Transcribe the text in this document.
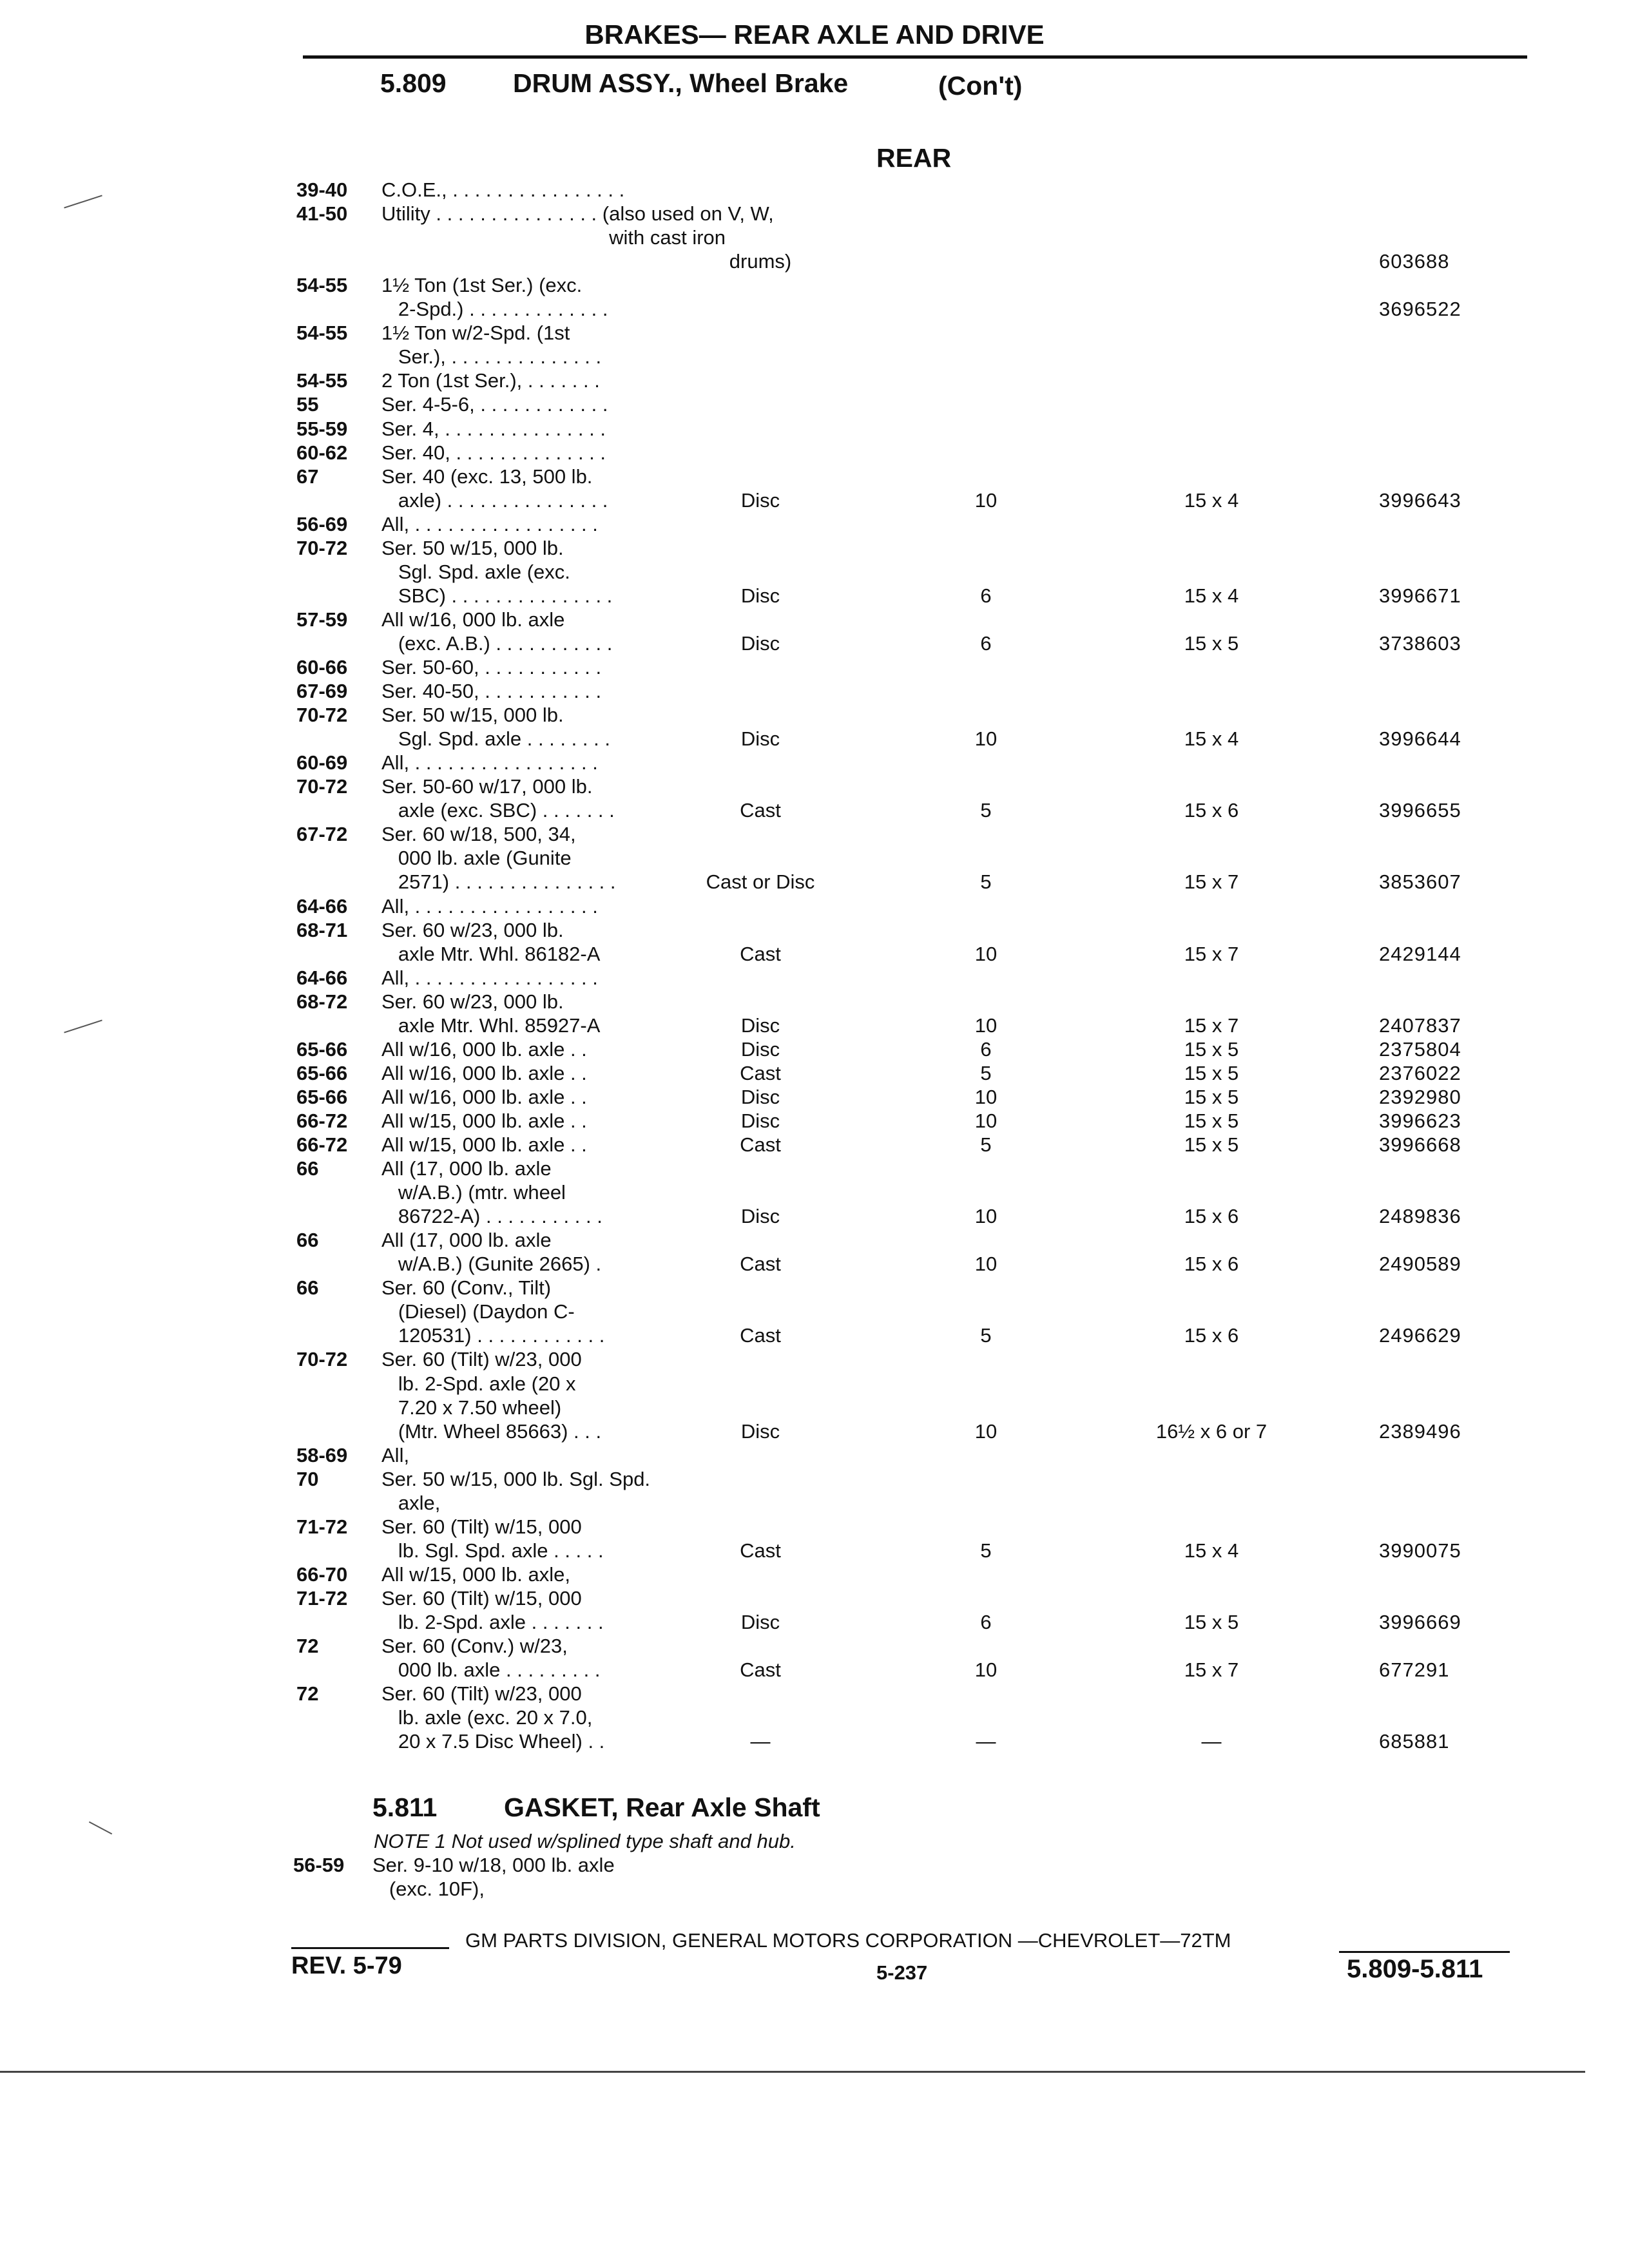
BRAKES— REAR AXLE AND DRIVE
5.809	DRUM ASSY., Wheel Brake	(Con't)
REAR
39-40 C.O.E., . . . . . . . . . . . . . . . .
41-50 Utility . . . . . . . . . . . . . . . (also used on V, W,
with cast iron
drums)	603688
54-55 1½ Ton (1st Ser.) (exc.
2-Spd.) . . . . . . . . . . . . .	3696522
54-55 1½ Ton w/2-Spd. (1st
Ser.), . . . . . . . . . . . . . .
54-55 2 Ton (1st Ser.), . . . . . . .
55	Ser. 4-5-6, . . . . . . . . . . . .
55-59 Ser. 4, . . . . . . . . . . . . . . .
60-62 Ser. 40, . . . . . . . . . . . . . .
67	Ser. 40 (exc. 13, 500 lb.
axle) . . . . . . . . . . . . . . .	Disc	10	15 x 4	3996643
56-69 All, . . . . . . . . . . . . . . . . .
70-72 Ser. 50 w/15, 000 lb.
Sgl. Spd. axle (exc.
SBC) . . . . . . . . . . . . . . .	Disc	6	15 x 4	3996671
57-59 All w/16, 000 lb. axle
(exc. A.B.) . . . . . . . . . . .	Disc	6	15 x 5	3738603
60-66 Ser. 50-60, . . . . . . . . . . .
67-69 Ser. 40-50, . . . . . . . . . . .
70-72 Ser. 50 w/15, 000 lb.
Sgl. Spd. axle . . . . . . . .	Disc	10	15 x 4	3996644
60-69 All, . . . . . . . . . . . . . . . . .
70-72 Ser. 50-60 w/17, 000 lb.
axle (exc. SBC) . . . . . . .	Cast	5	15 x 6	3996655
67-72 Ser. 60 w/18, 500, 34,
000 lb. axle (Gunite
2571) . . . . . . . . . . . . . . .	Cast or Disc	5	15 x 7	3853607
64-66 All, . . . . . . . . . . . . . . . . .
68-71 Ser. 60 w/23, 000 lb.
axle Mtr. Whl. 86182-A	Cast	10	15 x 7	2429144
64-66 All, . . . . . . . . . . . . . . . . .
68-72 Ser. 60 w/23, 000 lb.
axle Mtr. Whl. 85927-A	Disc	10	15 x 7	2407837
65-66 All w/16, 000 lb. axle . .	Disc	6	15 x 5	2375804
65-66 All w/16, 000 lb. axle . .	Cast	5	15 x 5	2376022
65-66 All w/16, 000 lb. axle . .	Disc	10	15 x 5	2392980
66-72 All w/15, 000 lb. axle . .	Disc	10	15 x 5	3996623
66-72 All w/15, 000 lb. axle . .	Cast	5	15 x 5	3996668
66	All (17, 000 lb. axle
w/A.B.) (mtr. wheel
86722-A) . . . . . . . . . . .	Disc	10	15 x 6	2489836
66	All (17, 000 lb. axle
w/A.B.) (Gunite 2665) .	Cast	10	15 x 6	2490589
66	Ser. 60 (Conv., Tilt)
(Diesel) (Daydon C-
120531) . . . . . . . . . . . .	Cast	5	15 x 6	2496629
70-72 Ser. 60 (Tilt) w/23, 000
lb. 2-Spd. axle (20 x
7.20 x 7.50 wheel)
(Mtr. Wheel 85663) . . .	Disc	10	16½ x 6 or 7	2389496
58-69 All,
70	Ser. 50 w/15, 000 lb. Sgl. Spd.
axle,
71-72 Ser. 60 (Tilt) w/15, 000
lb. Sgl. Spd. axle . . . . .	Cast	5	15 x 4	3990075
66-70 All w/15, 000 lb. axle,
71-72 Ser. 60 (Tilt) w/15, 000
lb. 2-Spd. axle . . . . . . .	Disc	6	15 x 5	3996669
72	Ser. 60 (Conv.) w/23,
000 lb. axle . . . . . . . . .	Cast	10	15 x 7	677291
72	Ser. 60 (Tilt) w/23, 000
lb. axle (exc. 20 x 7.0,
20 x 7.5 Disc Wheel) . .	—	—	—	685881
5.811	GASKET, Rear Axle Shaft
NOTE 1 Not used w/splined type shaft and hub.
56-59 Ser. 9-10 w/18, 000 lb. axle
(exc. 10F),
GM PARTS DIVISION, GENERAL MOTORS CORPORATION —CHEVROLET—72TM
REV. 5-79	5-237	5.809-5.811
